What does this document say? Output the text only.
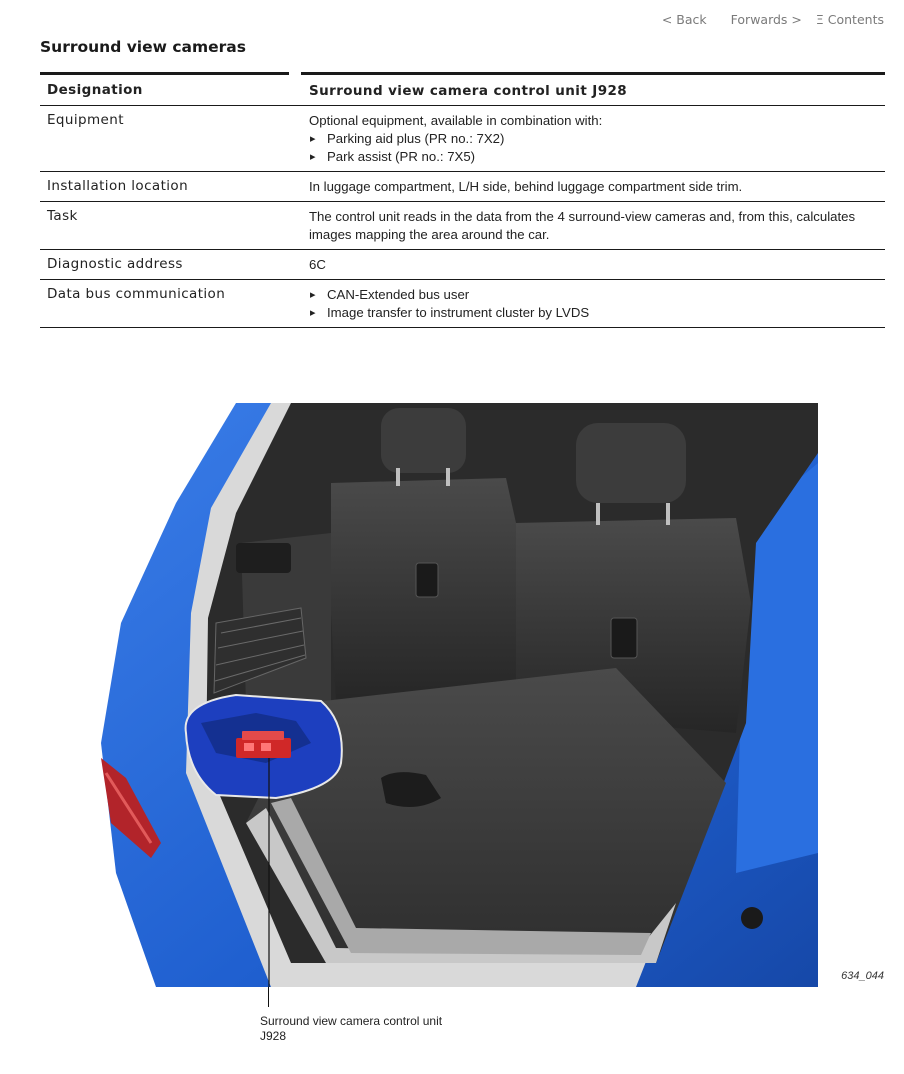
< Back Forwards > Ξ Contents
Surround view cameras
Designation	Surround view camera control unit J928
Equipment	Optional equipment, available in combination with:
▸ Parking aid plus (PR no.: 7X2)
▸ Park assist (PR no.: 7X5)
Installation location	In luggage compartment, L/H side, behind luggage compartment side trim.
Task	The control unit reads in the data from the 4 surround-view cameras and, from this, calculates images mapping the area around the car.
Diagnostic address	6C
Data bus communication
▸	CAN-Extended bus user
▸ Image transfer to instrument cluster by LVDS
634_044
Surround view camera control unit
J928
